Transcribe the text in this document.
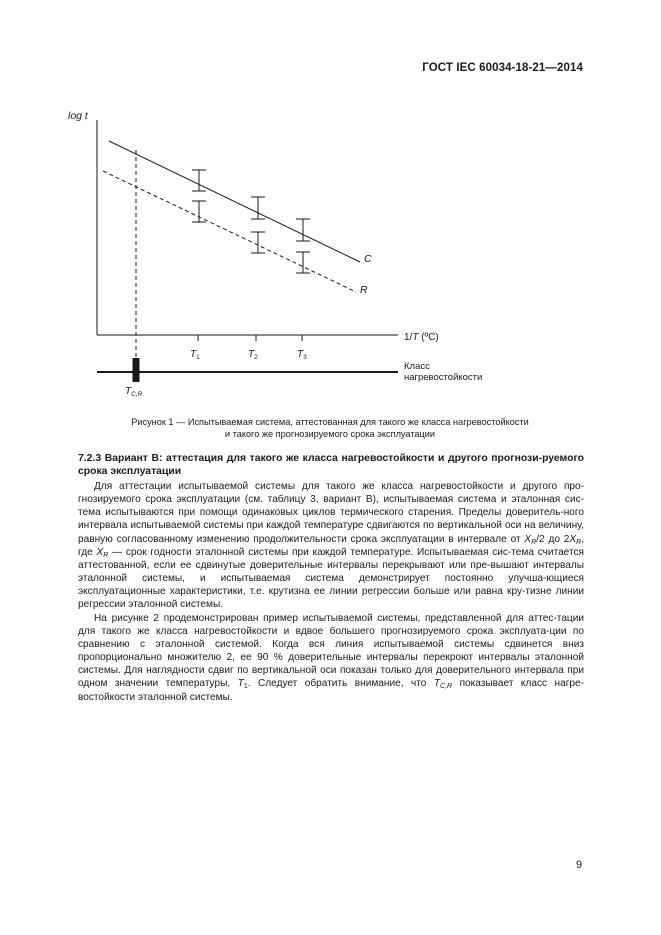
ГОСТ IEC 60034-18-21—2014
log t
1/T (ºC)
$T_1$	$T_2$	$T_3$
C
R
Класс
нагревостойкости
$T_{C,R}$
Рисунок 1 — Испытываемая система, аттестованная для такого же класса нагревостойкости
и такого же прогнозируемого срока эксплуатации
7.2.3 Вариант В: аттестация для такого же класса нагревостойкости и другого прогнози-руемого срока эксплуатации

Для аттестации испытываемой системы для такого же класса нагревостойкости и другого про-гнозируемого срока эксплуатации (см. таблицу 3, вариант В), испытываемая система и эталонная сис-тема испытываются при помощи одинаковых циклов термического старения. Пределы доверитель-ного интервала испытываемой системы при каждой температуре сдвигаются по вертикальной оси на величину, равную согласованному изменению продолжительности срока эксплуатации в интервале от $X_R/2$ до $2X_R$, где $X_R$ — срок годности эталонной системы при каждой температуре. Испытываемая сис-тема считается аттестованной, если ее сдвинутые доверительные интервалы перекрывают или пре-вышают интервалы эталонной системы, и испытываемая система демонстрирует постоянно улучша-ющиеся эксплуатационные характеристики, т.е. крутизна ее линии регрессии больше или равна кру-тизне линии регрессии эталонной системы.

На рисунке 2 продемонстрирован пример испытываемой системы, представленной для аттес-тации для такого же класса нагревостойкости и вдвое большего прогнозируемого срока эксплуата-ции по сравнению с эталонной системой. Когда вся линия испытываемой системы сдвинется вниз пропорционально множителю 2, ее 90 % доверительные интервалы перекроют интервалы эталонной системы. Для наглядности сдвиг по вертикальной оси показан только для доверительного интервала при одном значении температуры, $T_1$. Следует обратить внимание, что $T_{C,R}$ показывает класс нагре-востойкости эталонной системы.

9
